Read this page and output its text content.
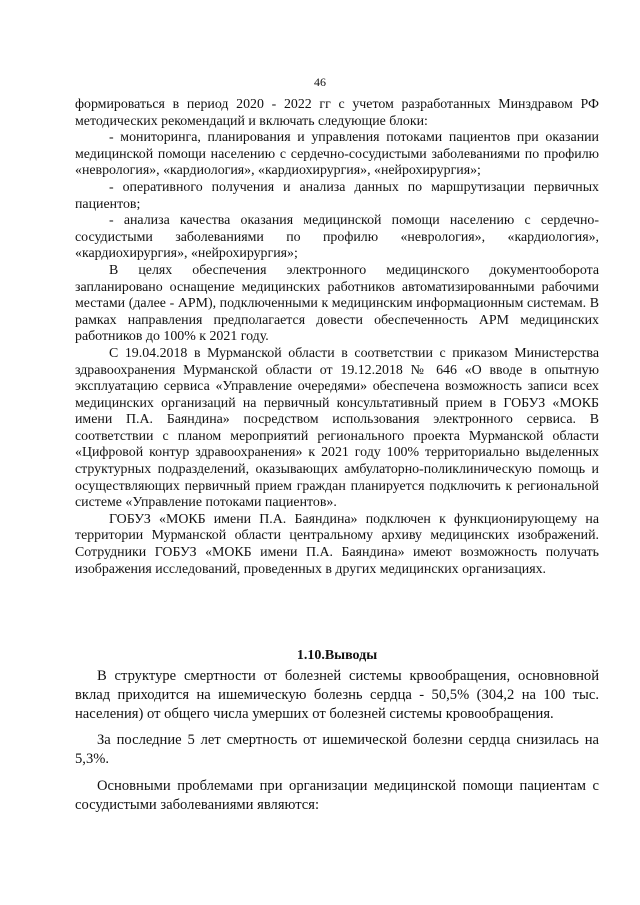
46

формироваться в период 2020 - 2022 гг с учетом разработанных Минздравом РФ методических рекомендаций и включать следующие блоки:

- мониторинга, планирования и управления потоками пациентов при оказании медицинской помощи населению с сердечно-сосудистыми заболеваниями по профилю «неврология», «кардиология», «кардиохирургия», «нейрохирургия»;

- оперативного получения и анализа данных по маршрутизации первичных пациентов;

- анализа качества оказания медицинской помощи населению с сердечно-сосудистыми заболеваниями по профилю «неврология», «кардиология», «кардиохирургия», «нейрохирургия»;

В целях обеспечения электронного медицинского документооборота запланировано оснащение медицинских работников автоматизированными рабочими местами (далее - АРМ), подключенными к медицинским информационным системам. В рамках направления предполагается довести обеспеченность АРМ медицинских работников до 100% к 2021 году.

С 19.04.2018 в Мурманской области в соответствии с приказом Министерства здравоохранения Мурманской области от 19.12.2018 № 646 «О вводе в опытную эксплуатацию сервиса «Управление очередями» обеспечена возможность записи всех медицинских организаций на первичный консультативный прием в ГОБУЗ «МОКБ имени П.А. Баяндина» посредством использования электронного сервиса. В соответствии с планом мероприятий регионального проекта Мурманской области «Цифровой контур здравоохранения» к 2021 году 100% территориально выделенных структурных подразделений, оказывающих амбулаторно-поликлиническую помощь и осуществляющих первичный прием граждан планируется подключить к региональной системе «Управление потоками пациентов».

ГОБУЗ «МОКБ имени П.А. Баяндина» подключен к функционирующему на территории Мурманской области центральному архиву медицинских изображений. Сотрудники ГОБУЗ «МОКБ имени П.А. Баяндина» имеют возможность получать изображения исследований, проведенных в других медицинских организациях.

1.10.Выводы

В структуре смертности от болезней системы крвообращения, основновной вклад приходится на ишемическую болезнь сердца - 50,5% (304,2 на 100 тыс. населения) от общего числа умерших от болезней системы кровообращения.

За последние 5 лет смертность от ишемической болезни сердца снизилась на 5,3%.

Основными проблемами при организации медицинской помощи пациентам с сосудистыми заболеваниями являются:
